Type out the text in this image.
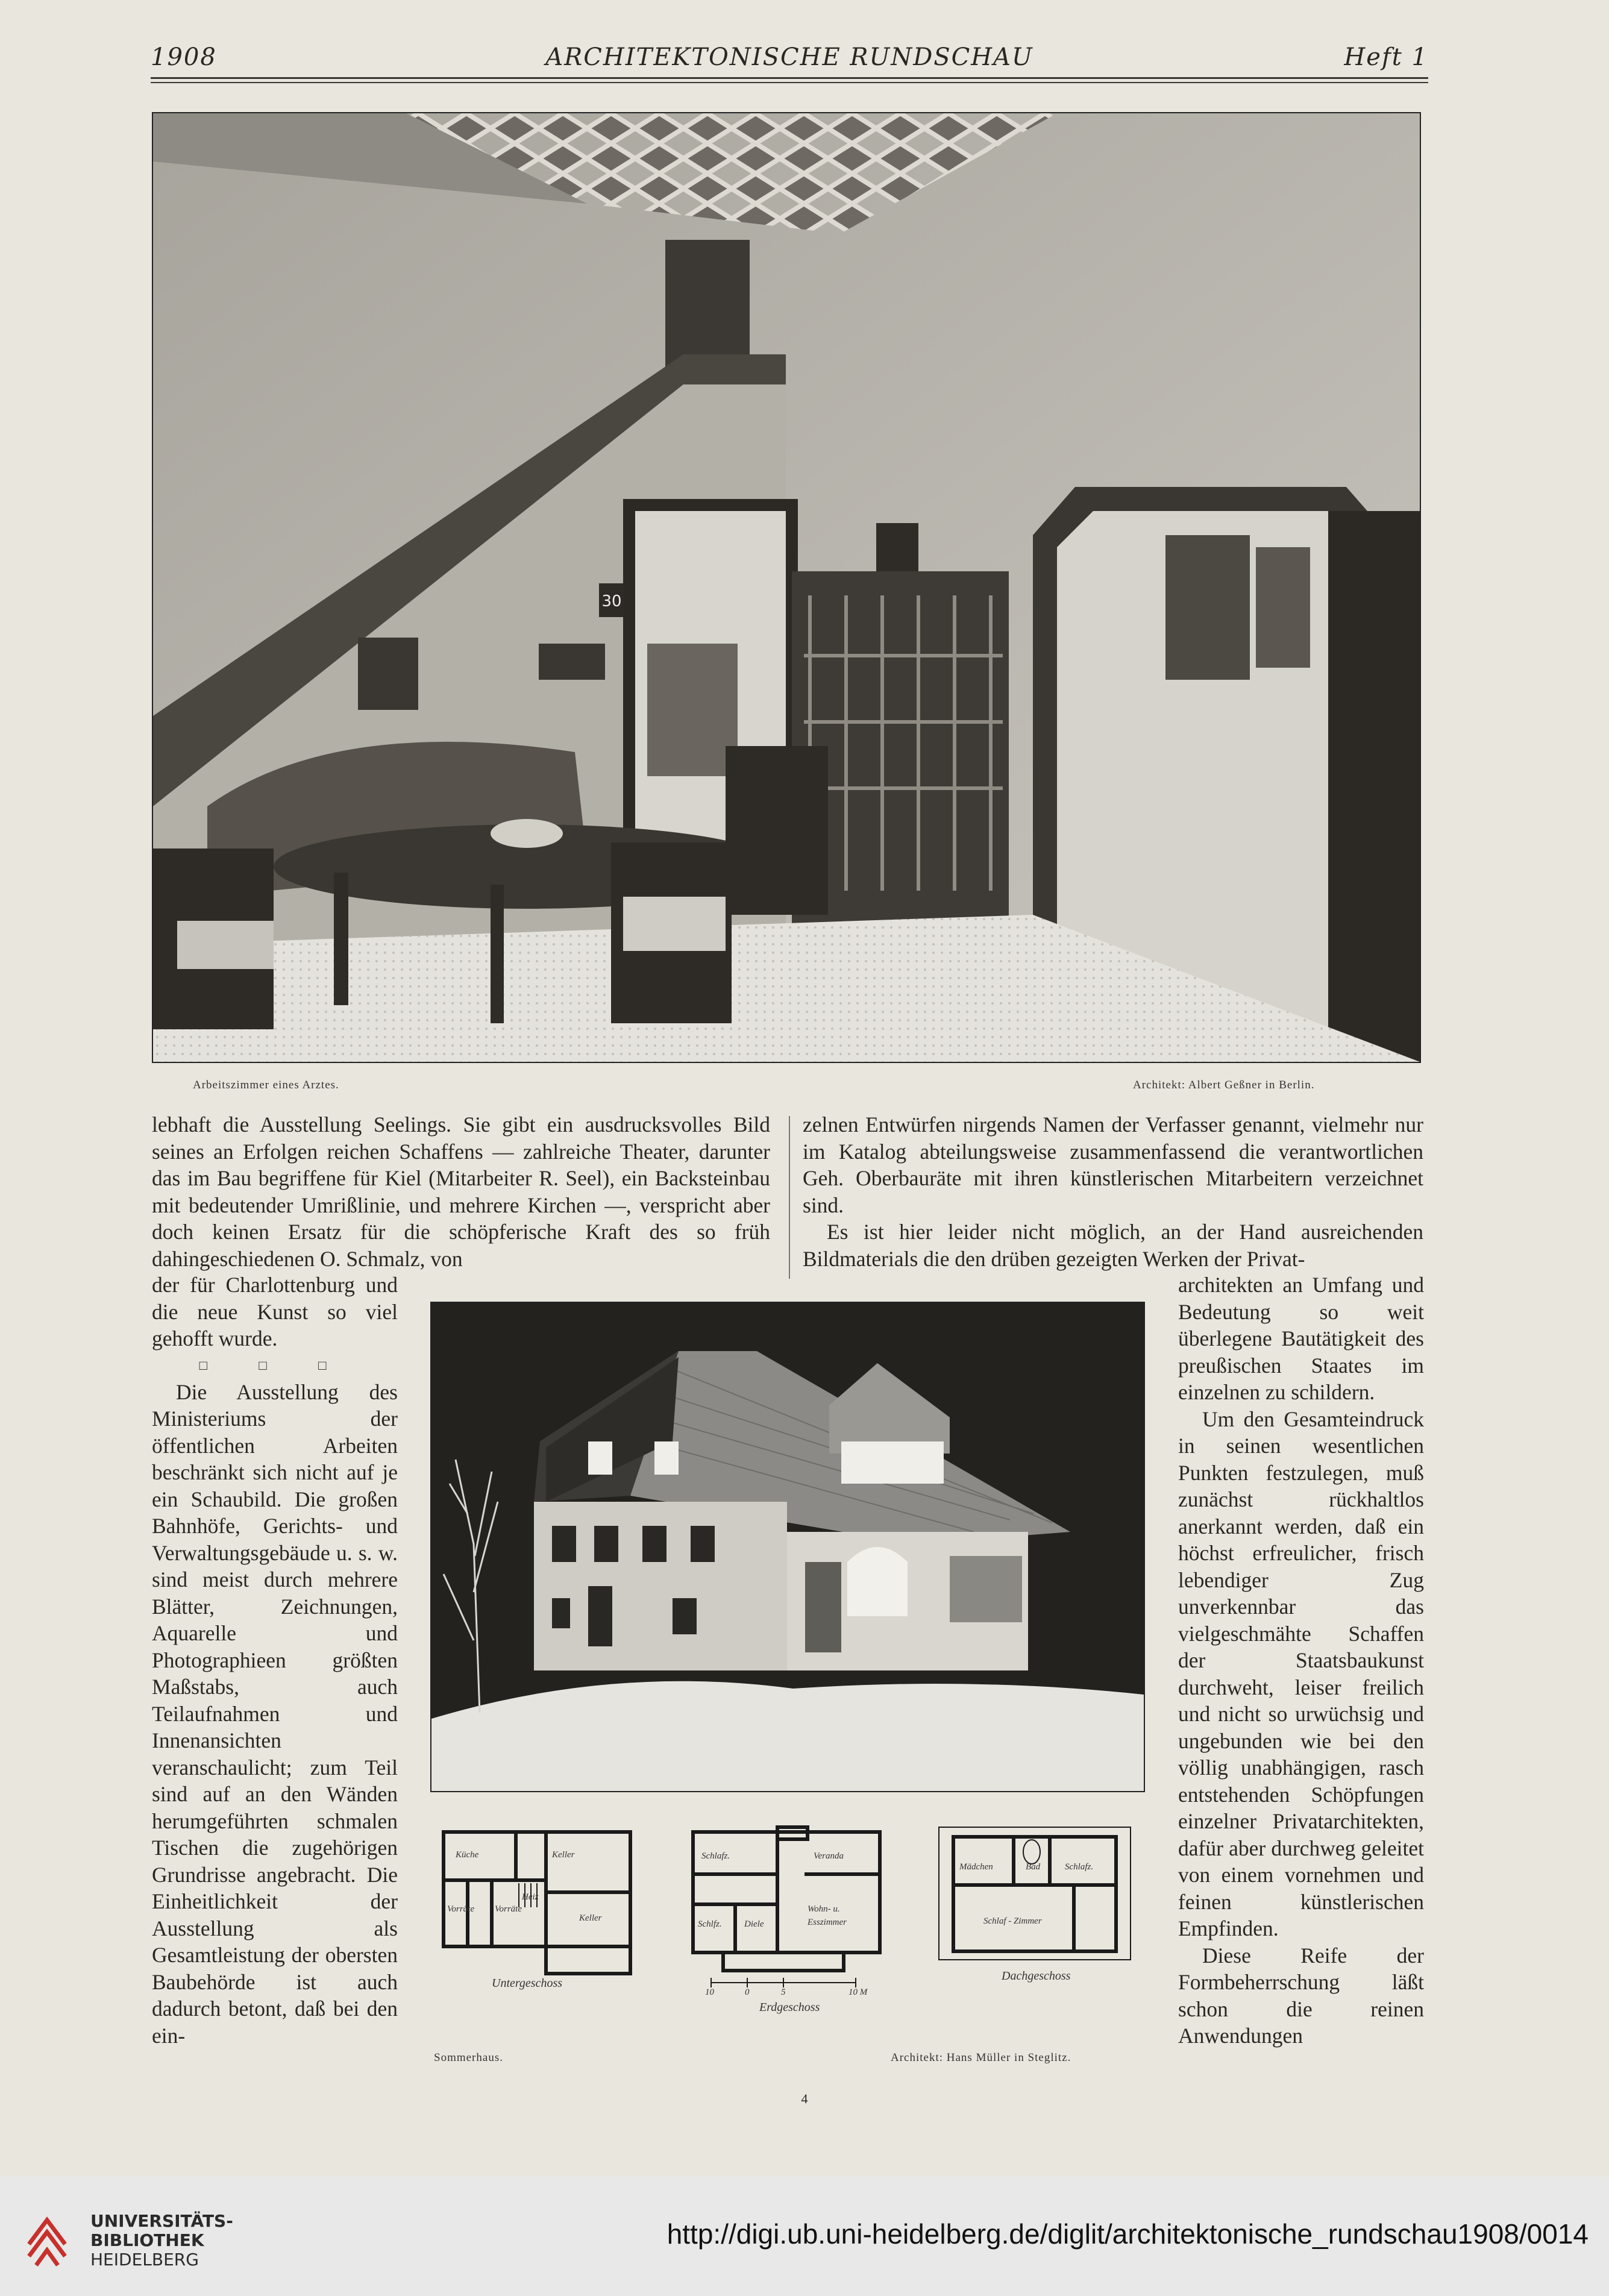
1908	ARCHITEKTONISCHE RUNDSCHAU	Heft 1
30
Arbeitszimmer eines Arztes.	Architekt: Albert Geßner in Berlin.

lebhaft die Ausstellung Seelings. Sie gibt ein ausdrucksvolles Bild seines an Erfolgen reichen Schaffens — zahlreiche Theater, darunter das im Bau begriffene für Kiel (Mitarbeiter R. Seel), ein Backsteinbau mit bedeutender Umrißlinie, und mehrere Kirchen —, verspricht aber doch keinen Ersatz für die schöpferische Kraft des so früh dahingeschiedenen O. Schmalz, von

zelnen Entwürfen nirgends Namen der Verfasser genannt, vielmehr nur im Katalog abteilungsweise zusammenfassend die verantwortlichen Geh. Oberbauräte mit ihren künstlerischen Mitarbeitern verzeichnet sind.

Es ist hier leider nicht möglich, an der Hand ausreichenden Bildmaterials die den drüben gezeigten Werken der Privat-

der für Charlottenburg und die neue Kunst so viel gehofft wurde.

□ □ □

Die Ausstellung des Ministeriums der öffentlichen Arbeiten beschränkt sich nicht auf je ein Schaubild. Die großen Bahnhöfe, Gerichts- und Verwaltungsgebäude u. s. w. sind meist durch mehrere Blätter, Zeichnungen, Aquarelle und Photographieen größten Maßstabs, auch Teilaufnahmen und Innenansichten veranschaulicht; zum Teil sind auf an den Wänden herumgeführten schmalen Tischen die zugehörigen Grundrisse angebracht. Die Einheitlichkeit der Ausstellung als Gesamtleistung der obersten Baubehörde ist auch dadurch betont, daß bei den ein-

architekten an Umfang und Bedeutung so weit überlegene Bautätigkeit des preußischen Staates im einzelnen zu schildern.

Um den Gesamteindruck in seinen wesentlichen Punkten festzulegen, muß zunächst rückhaltlos anerkannt werden, daß ein höchst erfreulicher, frisch lebendiger Zug unverkennbar das vielgeschmähte Schaffen der Staatsbaukunst durchweht, leiser freilich und nicht so urwüchsig und ungebunden wie bei den völlig unabhängigen, rasch entstehenden Schöpfungen einzelner Privatarchitekten, dafür aber durchweg geleitet von einem vornehmen und feinen künstlerischen Empfinden.

Diese Reife der Formbeherrschung läßt schon die reinen Anwendungen

Küche	Keller
Heiz
Vorräte Vorräte
Keller
Untergeschoss
Schlafz.	Veranda
Wohn- u.
Esszimmer
Schlfz. Diele
10	0	5	10 M
Erdgeschoss
Mädchen	Bad	Schlafz.
Schlaf - Zimmer
Dachgeschoss
Sommerhaus.	Architekt: Hans Müller in Steglitz.
4
UNIVERSITÄTS-
BIBLIOTHEK
HEIDELBERG
http://digi.ub.uni-heidelberg.de/diglit/architektonische_rundschau1908/0014
